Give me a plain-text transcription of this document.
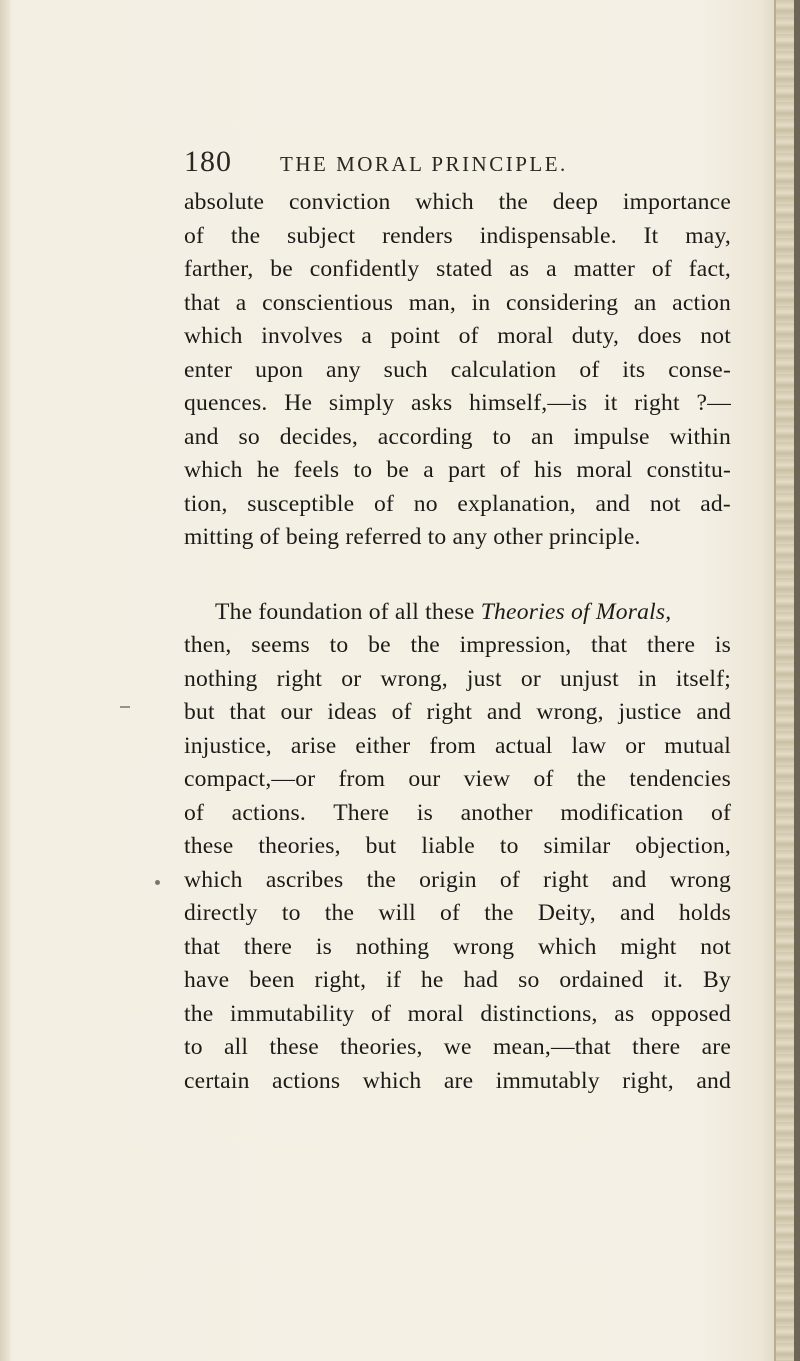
180 THE MORAL PRINCIPLE.
absolute conviction which the deep importance
of the subject renders indispensable. It may,
farther, be confidently stated as a matter of fact,
that a conscientious man, in considering an action
which involves a point of moral duty, does not
enter upon any such calculation of its conse-
quences. He simply asks himself,—is it right ?—
and so decides, according to an impulse within
which he feels to be a part of his moral constitu-
tion, susceptible of no explanation, and not ad-
mitting of being referred to any other principle.
The foundation of all these Theories of Morals,
then, seems to be the impression, that there is
nothing right or wrong, just or unjust in itself;
but that our ideas of right and wrong, justice and
injustice, arise either from actual law or mutual
compact,—or from our view of the tendencies
of actions. There is another modification of
these theories, but liable to similar objection,
which ascribes the origin of right and wrong
directly to the will of the Deity, and holds
that there is nothing wrong which might not
have been right, if he had so ordained it. By
the immutability of moral distinctions, as opposed
to all these theories, we mean,—that there are
certain actions which are immutably right, and
